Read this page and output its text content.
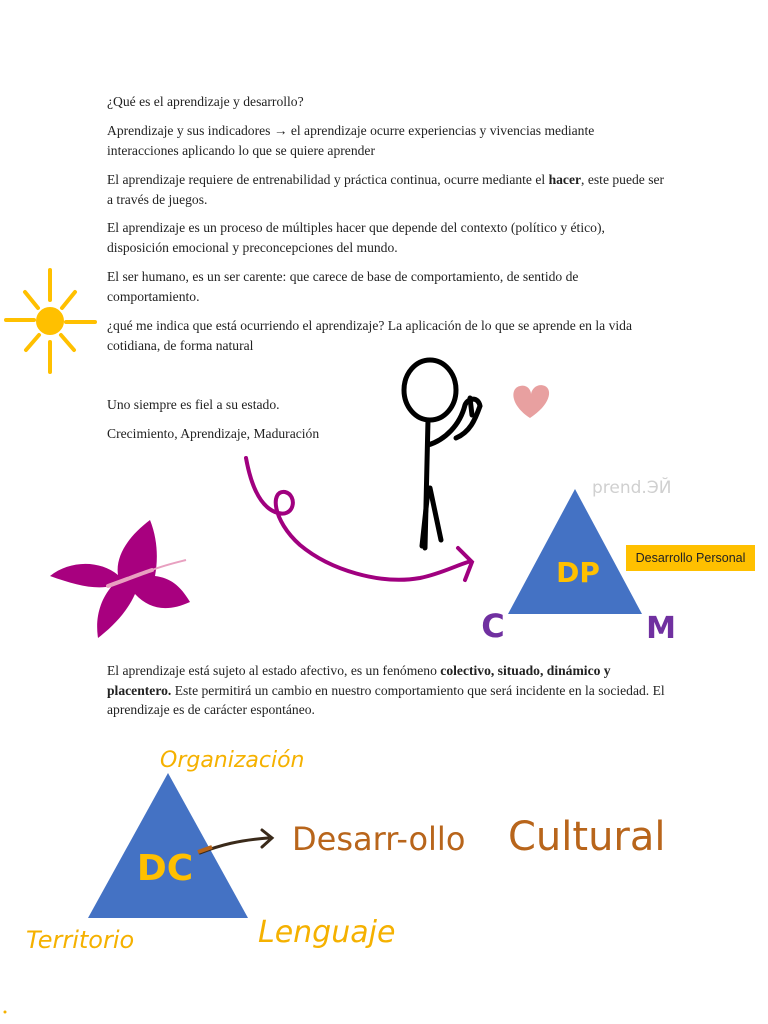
¿Qué es el aprendizaje y desarrollo?

Aprendizaje y sus indicadores → el aprendizaje ocurre experiencias y vivencias mediante interacciones aplicando lo que se quiere aprender

El aprendizaje requiere de entrenabilidad y práctica continua, ocurre mediante el hacer, este puede ser a través de juegos.

El aprendizaje es un proceso de múltiples hacer que depende del contexto (político y ético), disposición emocional y preconcepciones del mundo.

El ser humano, es un ser carente: que carece de base de comportamiento, de sentido de comportamiento.

¿qué me indica que está ocurriendo el aprendizaje? La aplicación de lo que se aprende en la vida cotidiana, de forma natural

Uno siempre es fiel a su estado.

Crecimiento, Aprendizaje, Maduración

El aprendizaje está sujeto al estado afectivo, es un fenómeno colectivo, situado, dinámico y placentero. Este permitirá un cambio en nuestro comportamiento que será incidente en la sociedad. El aprendizaje es de carácter espontáneo.

Desarrollo Personal
DP
C	M
prend.ЭЙ
DC
Organización
Territorio	Lenguaje
Desarr-ollo Cultural
